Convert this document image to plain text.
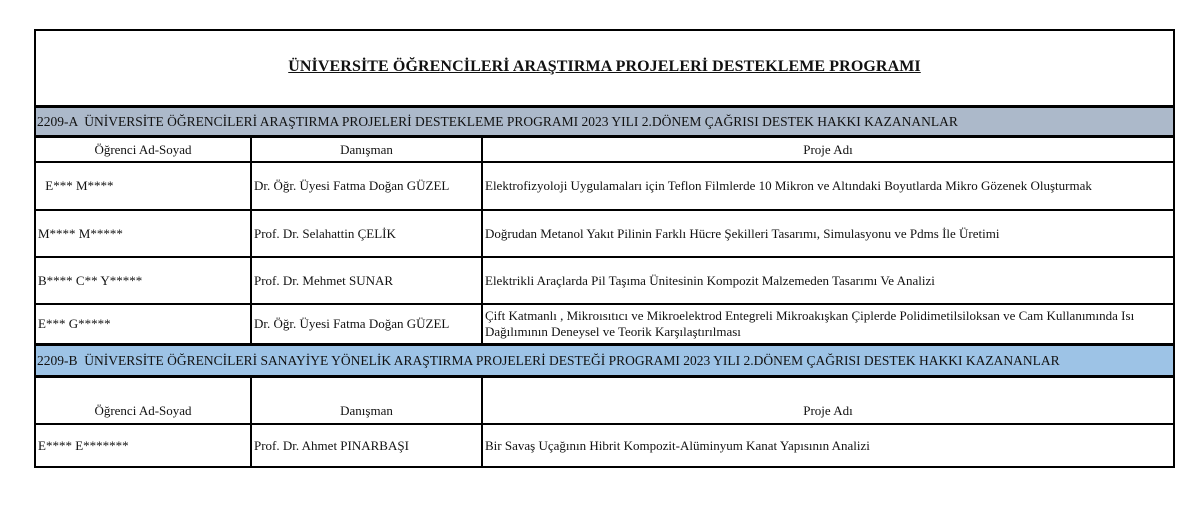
ÜNİVERSİTE ÖĞRENCİLERİ ARAŞTIRMA PROJELERİ DESTEKLEME PROGRAMI		
2209-A  ÜNİVERSİTE ÖĞRENCİLERİ ARAŞTIRMA PROJELERİ DESTEKLEME PROGRAMI 2023 YILI 2.DÖNEM ÇAĞRISI DESTEK HAKKI KAZANANLAR		
Öğrenci Ad-Soyad	Danışman	Proje Adı
E*** M****	Dr. Öğr. Üyesi Fatma Doğan GÜZEL	Elektrofizyoloji Uygulamaları için Teflon Filmlerde 10 Mikron ve Altındaki Boyutlarda Mikro Gözenek Oluşturmak
M**** M*****	Prof. Dr. Selahattin ÇELİK	Doğrudan Metanol Yakıt Pilinin Farklı Hücre Şekilleri Tasarımı, Simulasyonu ve Pdms İle Üretimi
B**** C** Y*****	Prof. Dr. Mehmet SUNAR	Elektrikli Araçlarda Pil Taşıma Ünitesinin Kompozit Malzemeden Tasarımı Ve Analizi
E*** G*****	Dr. Öğr. Üyesi Fatma Doğan GÜZEL	Çift Katmanlı , Mikroısıtıcı ve Mikroelektrod Entegreli Mikroakışkan Çiplerde Polidimetilsiloksan ve Cam Kullanımında Isı Dağılımının Deneysel ve Teorik Karşılaştırılması
2209-B  ÜNİVERSİTE ÖĞRENCİLERİ SANAYİYE YÖNELİK ARAŞTIRMA PROJELERİ DESTEĞİ PROGRAMI 2023 YILI 2.DÖNEM ÇAĞRISI DESTEK HAKKI KAZANANLAR		
Öğrenci Ad-Soyad	Danışman	Proje Adı
E**** E*******	Prof. Dr. Ahmet PINARBAŞI	Bir Savaş Uçağının Hibrit Kompozit-Alüminyum Kanat Yapısının Analizi
